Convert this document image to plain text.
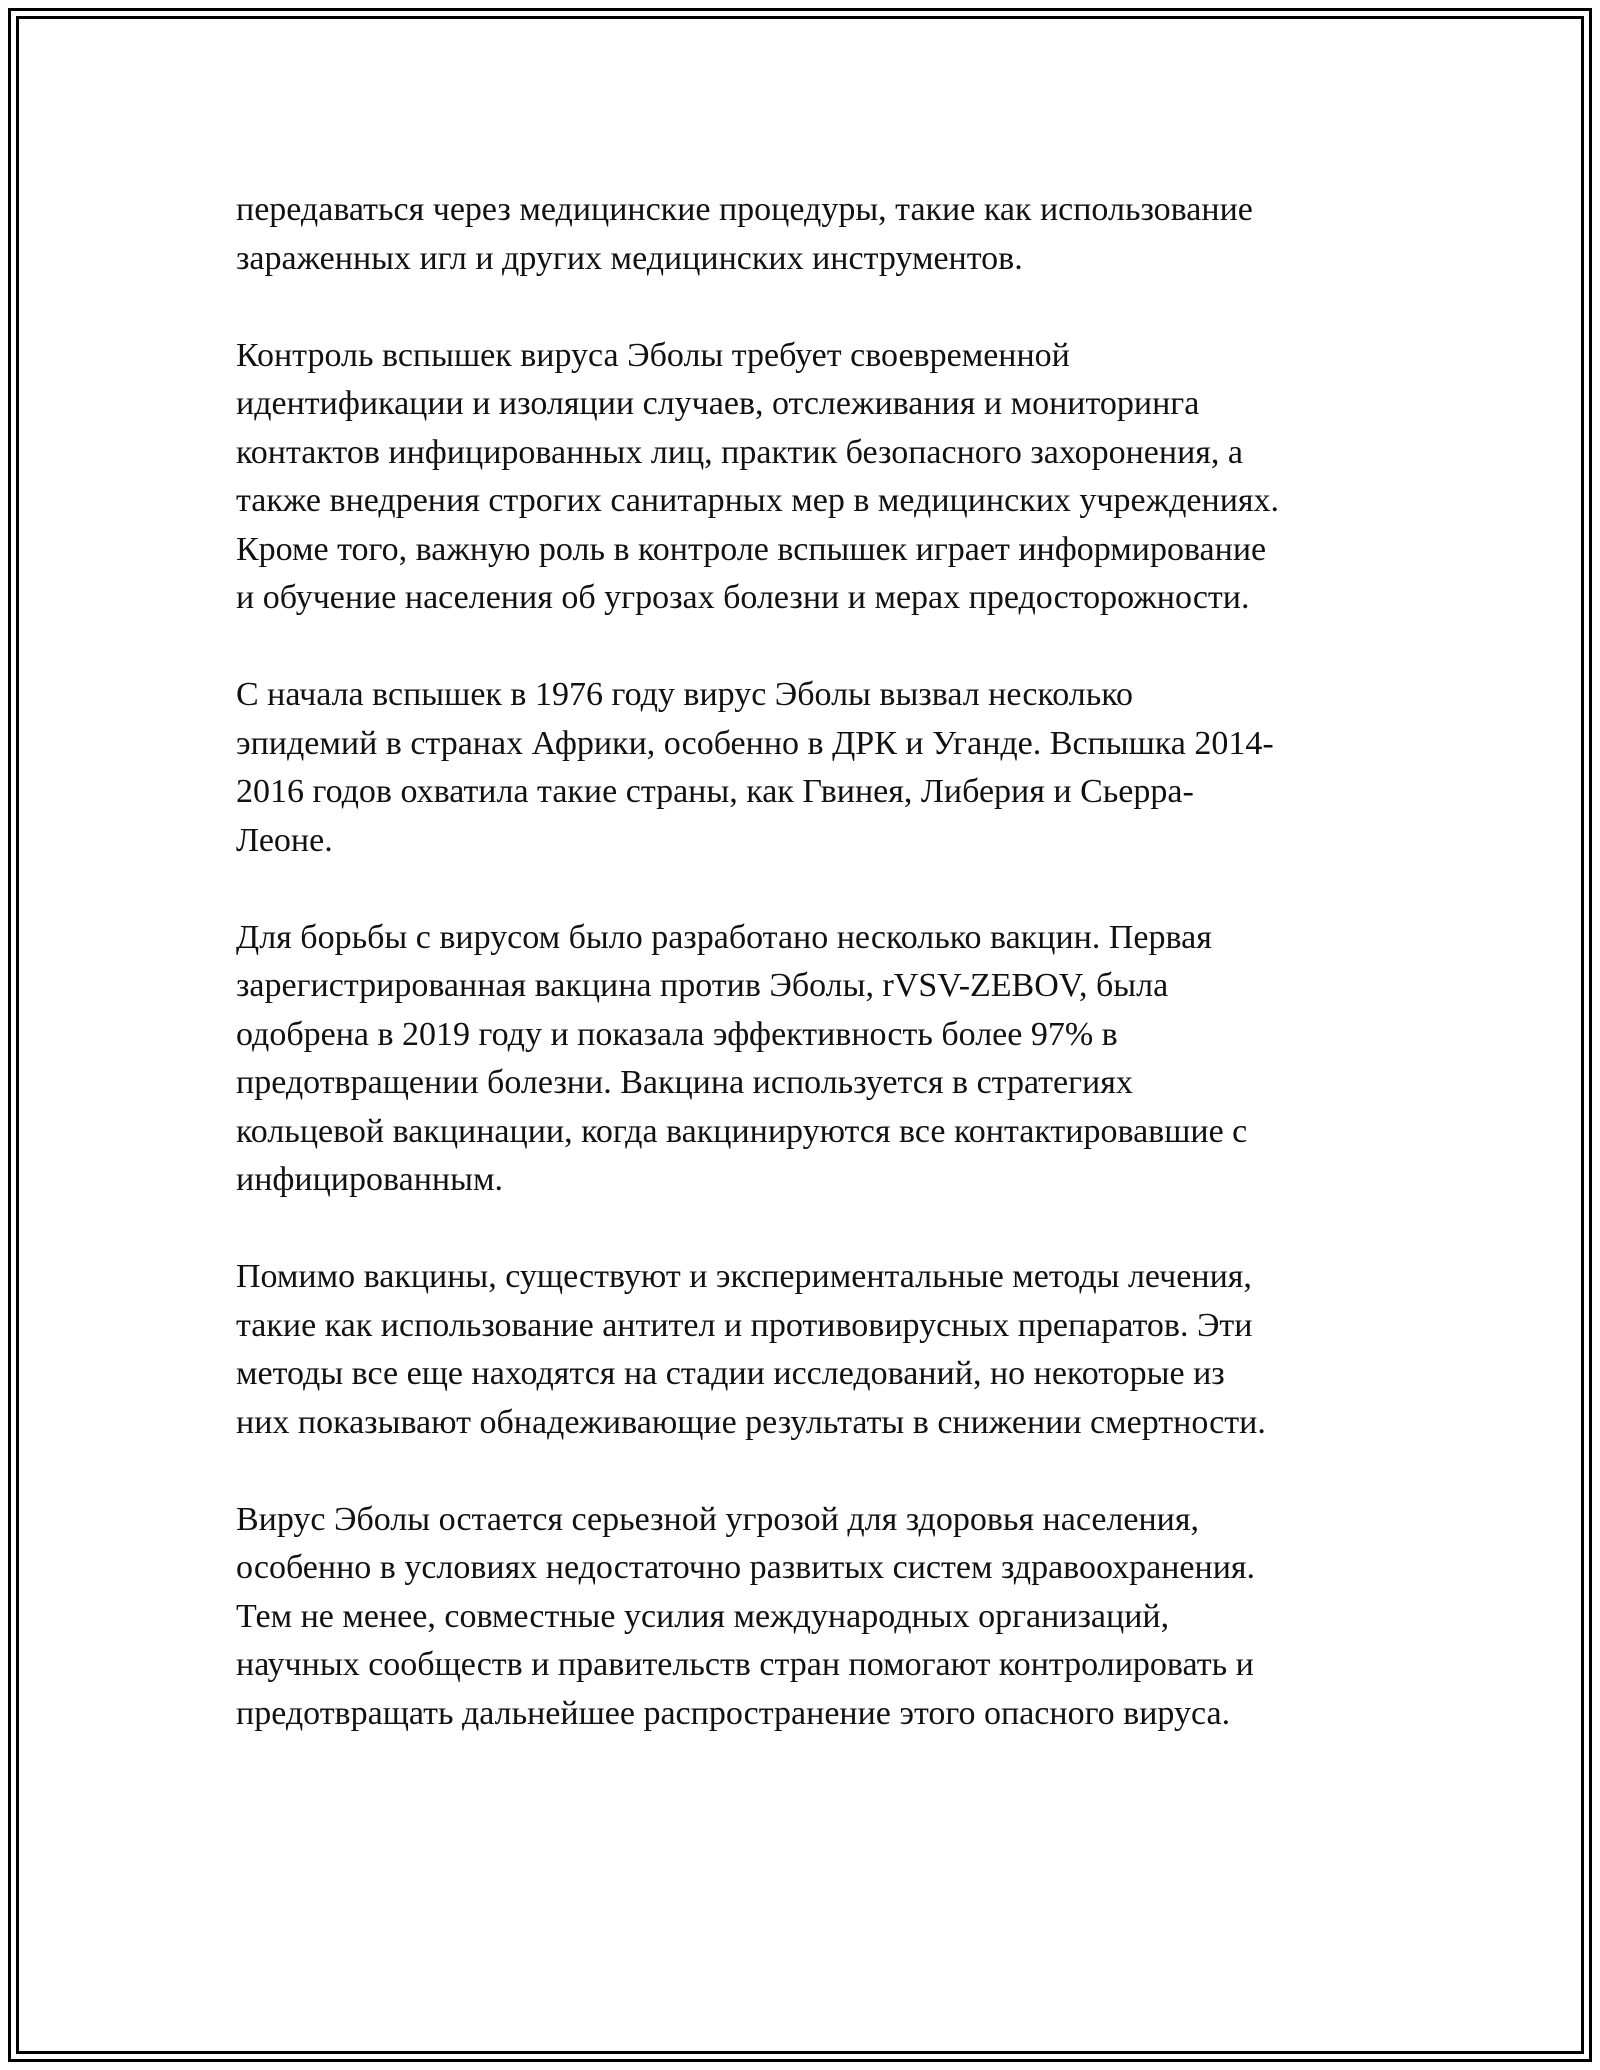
передаваться через медицинские процедуры, такие как использование
зараженных игл и других медицинских инструментов.

Контроль вспышек вируса Эболы требует своевременной
идентификации и изоляции случаев, отслеживания и мониторинга
контактов инфицированных лиц, практик безопасного захоронения, а
также внедрения строгих санитарных мер в медицинских учреждениях.
Кроме того, важную роль в контроле вспышек играет информирование
и обучение населения об угрозах болезни и мерах предосторожности.

С начала вспышек в 1976 году вирус Эболы вызвал несколько
эпидемий в странах Африки, особенно в ДРК и Уганде. Вспышка 2014-
2016 годов охватила такие страны, как Гвинея, Либерия и Сьерра-
Леоне.

Для борьбы с вирусом было разработано несколько вакцин. Первая
зарегистрированная вакцина против Эболы, rVSV-ZEBOV, была
одобрена в 2019 году и показала эффективность более 97% в
предотвращении болезни. Вакцина используется в стратегиях
кольцевой вакцинации, когда вакцинируются все контактировавшие с
инфицированным.

Помимо вакцины, существуют и экспериментальные методы лечения,
такие как использование антител и противовирусных препаратов. Эти
методы все еще находятся на стадии исследований, но некоторые из
них показывают обнадеживающие результаты в снижении смертности.

Вирус Эболы остается серьезной угрозой для здоровья населения,
особенно в условиях недостаточно развитых систем здравоохранения.
Тем не менее, совместные усилия международных организаций,
научных сообществ и правительств стран помогают контролировать и
предотвращать дальнейшее распространение этого опасного вируса.
